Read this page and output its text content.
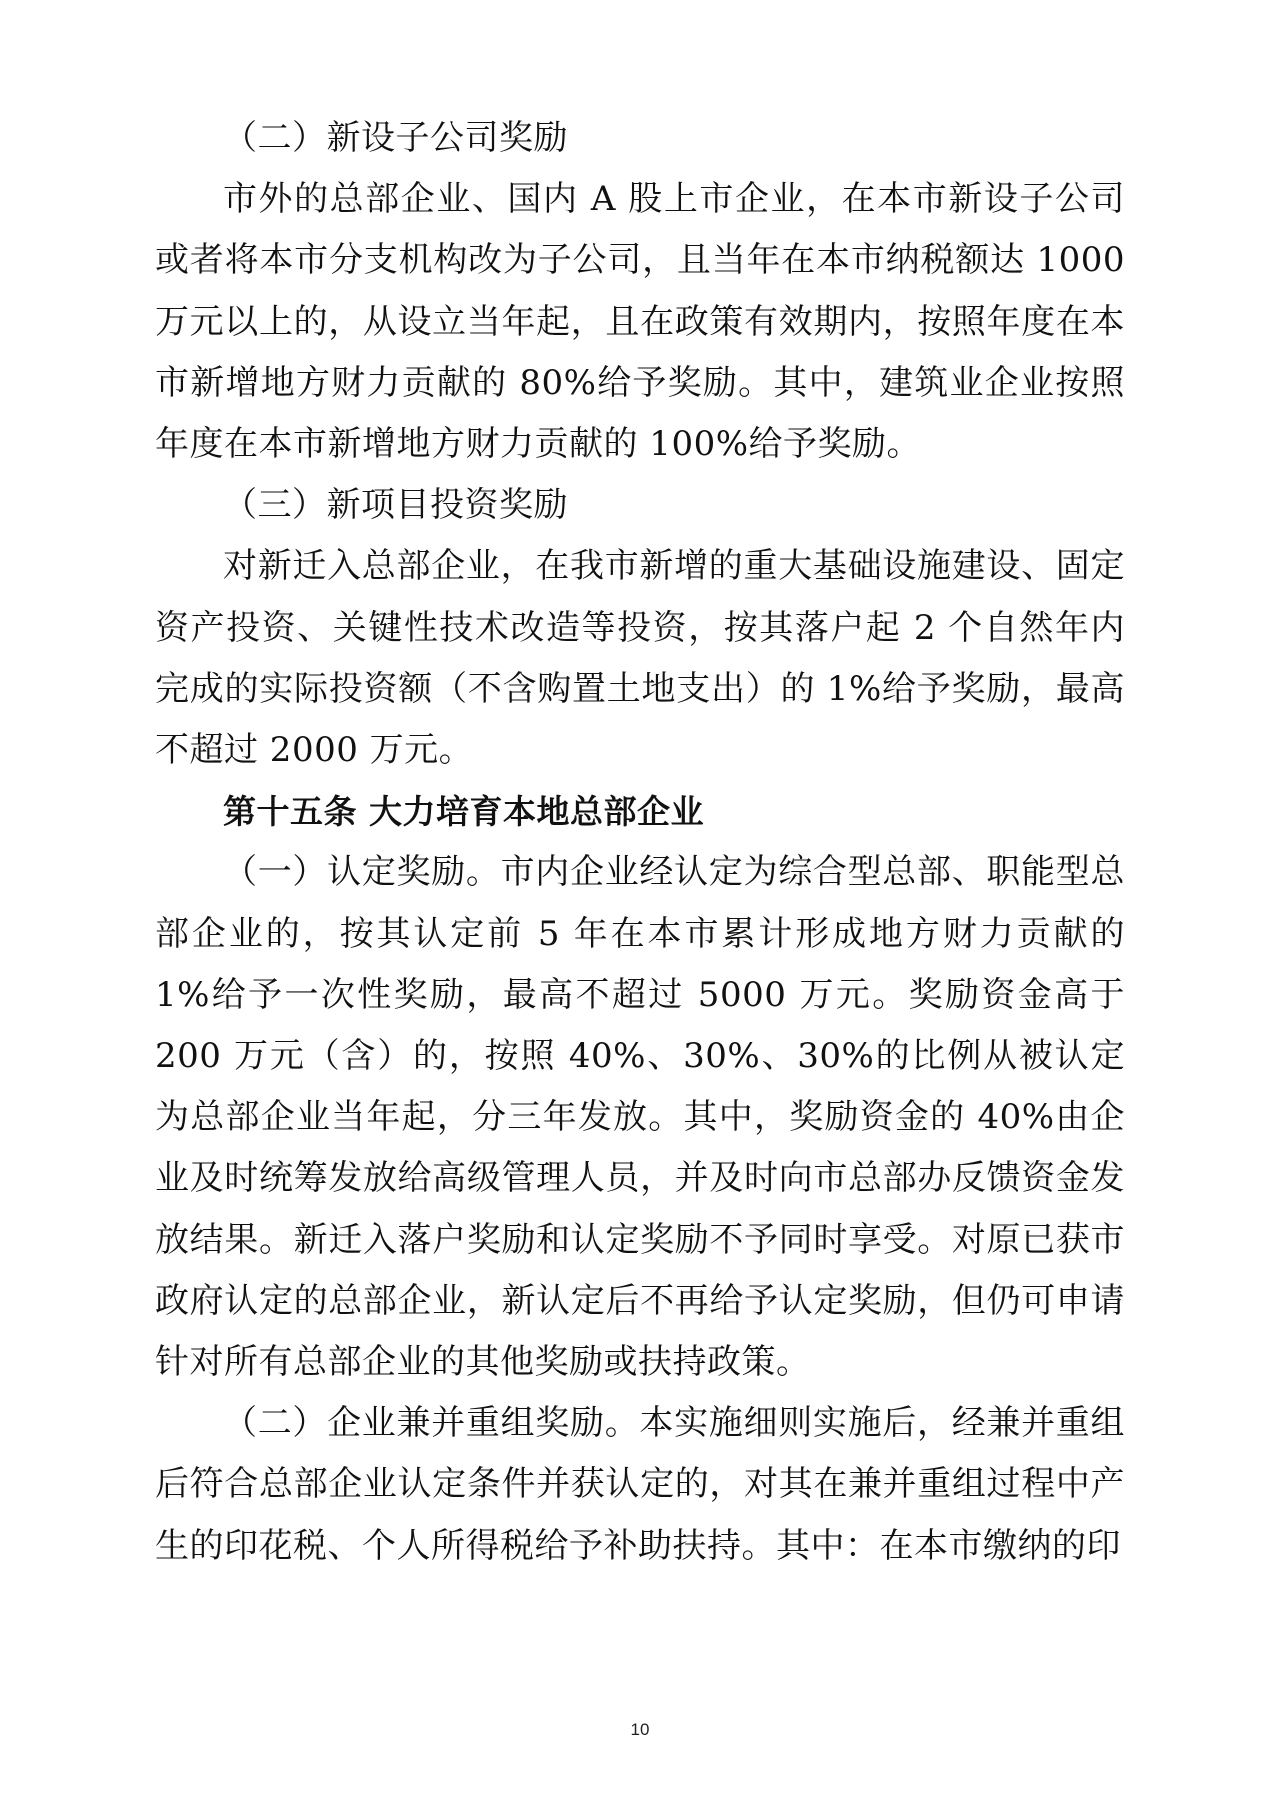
（二）新设子公司奖励

市外的总部企业、国内 A 股上市企业，在本市新设子公司或者将本市分支机构改为子公司，且当年在本市纳税额达 1000 万元以上的，从设立当年起，且在政策有效期内，按照年度在本市新增地方财力贡献的 80%给予奖励。其中，建筑业企业按照年度在本市新增地方财力贡献的 100%给予奖励。

（三）新项目投资奖励

对新迁入总部企业，在我市新增的重大基础设施建设、固定资产投资、关键性技术改造等投资，按其落户起 2 个自然年内完成的实际投资额（不含购置土地支出）的 1%给予奖励，最高不超过 2000 万元。

第十五条 大力培育本地总部企业

（一）认定奖励。市内企业经认定为综合型总部、职能型总部企业的，按其认定前 5 年在本市累计形成地方财力贡献的 1%给予一次性奖励，最高不超过 5000 万元。奖励资金高于 200 万元（含）的，按照 40%、30%、30%的比例从被认定为总部企业当年起，分三年发放。其中，奖励资金的 40%由企业及时统筹发放给高级管理人员，并及时向市总部办反馈资金发放结果。新迁入落户奖励和认定奖励不予同时享受。对原已获市政府认定的总部企业，新认定后不再给予认定奖励，但仍可申请针对所有总部企业的其他奖励或扶持政策。

（二）企业兼并重组奖励。本实施细则实施后，经兼并重组后符合总部企业认定条件并获认定的，对其在兼并重组过程中产生的印花税、个人所得税给予补助扶持。其中：在本市缴纳的印

10
